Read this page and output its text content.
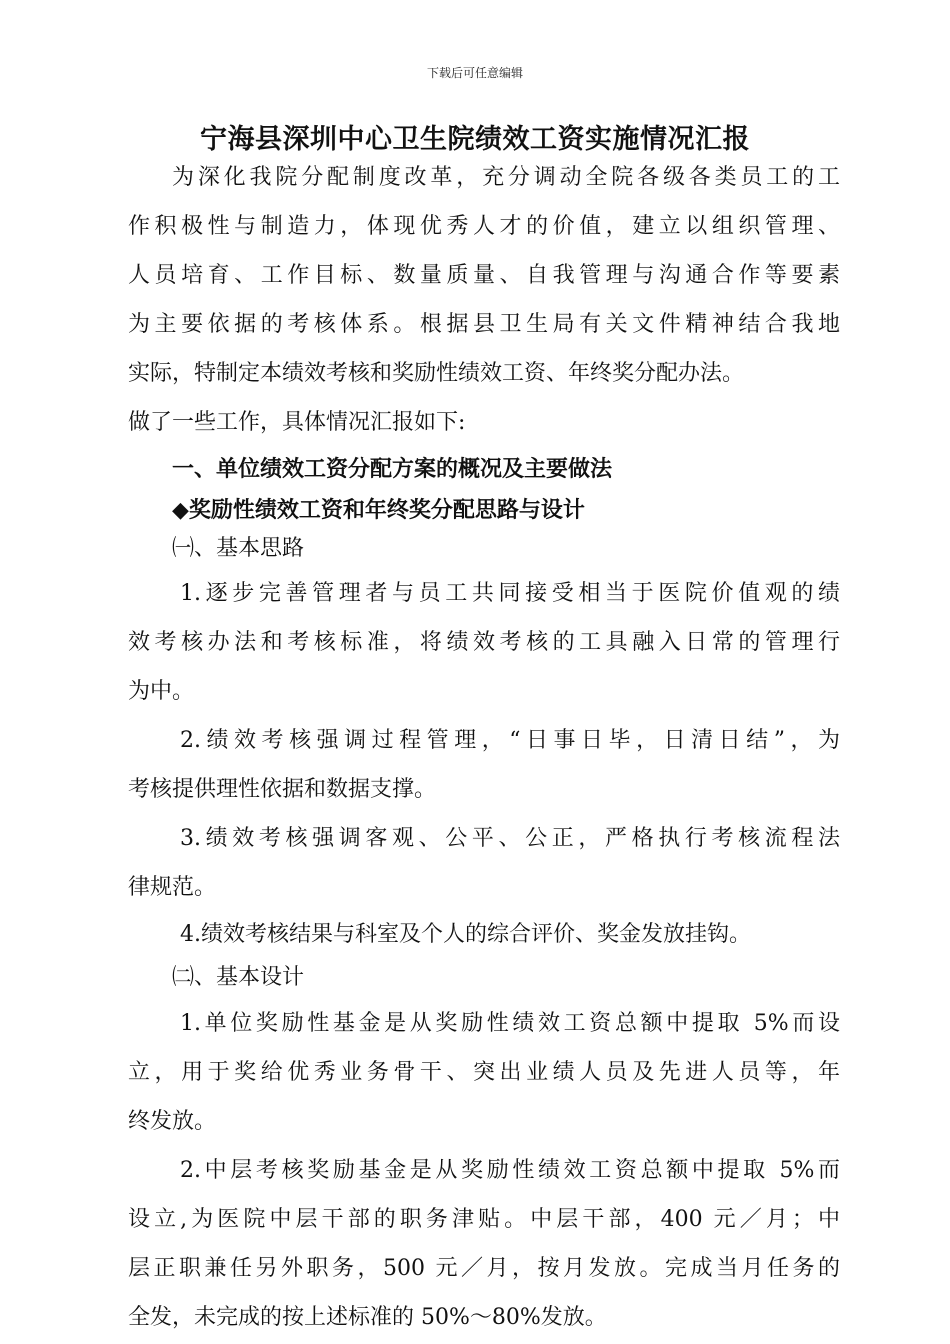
下载后可任意编辑
宁海县深圳中心卫生院绩效工资实施情况汇报
为深化我院分配制度改革，充分调动全院各级各类员工的工
作积极性与制造力，体现优秀人才的价值，建立以组织管理、
人员培育、工作目标、数量质量、自我管理与沟通合作等要素
为主要依据的考核体系。根据县卫生局有关文件精神结合我地
实际，特制定本绩效考核和奖励性绩效工资、年终奖分配办法。
做了一些工作，具体情况汇报如下:
一、单位绩效工资分配方案的概况及主要做法
◆奖励性绩效工资和年终奖分配思路与设计
㈠、基本思路
1.逐步完善管理者与员工共同接受相当于医院价值观的绩
效考核办法和考核标准，将绩效考核的工具融入日常的管理行
为中。
2.绩效考核强调过程管理，“日事日毕，日清日结”，为
考核提供理性依据和数据支撑。
3.绩效考核强调客观、公平、公正，严格执行考核流程法
律规范。
4.绩效考核结果与科室及个人的综合评价、奖金发放挂钩。
㈡、基本设计
1.单位奖励性基金是从奖励性绩效工资总额中提取 5%而设
立，用于奖给优秀业务骨干、突出业绩人员及先进人员等，年
终发放。
2.中层考核奖励基金是从奖励性绩效工资总额中提取 5%而
设立,为医院中层干部的职务津贴。中层干部，400 元／月；中
层正职兼任另外职务，500 元／月，按月发放。完成当月任务的
全发，未完成的按上述标准的 50%～80%发放。
